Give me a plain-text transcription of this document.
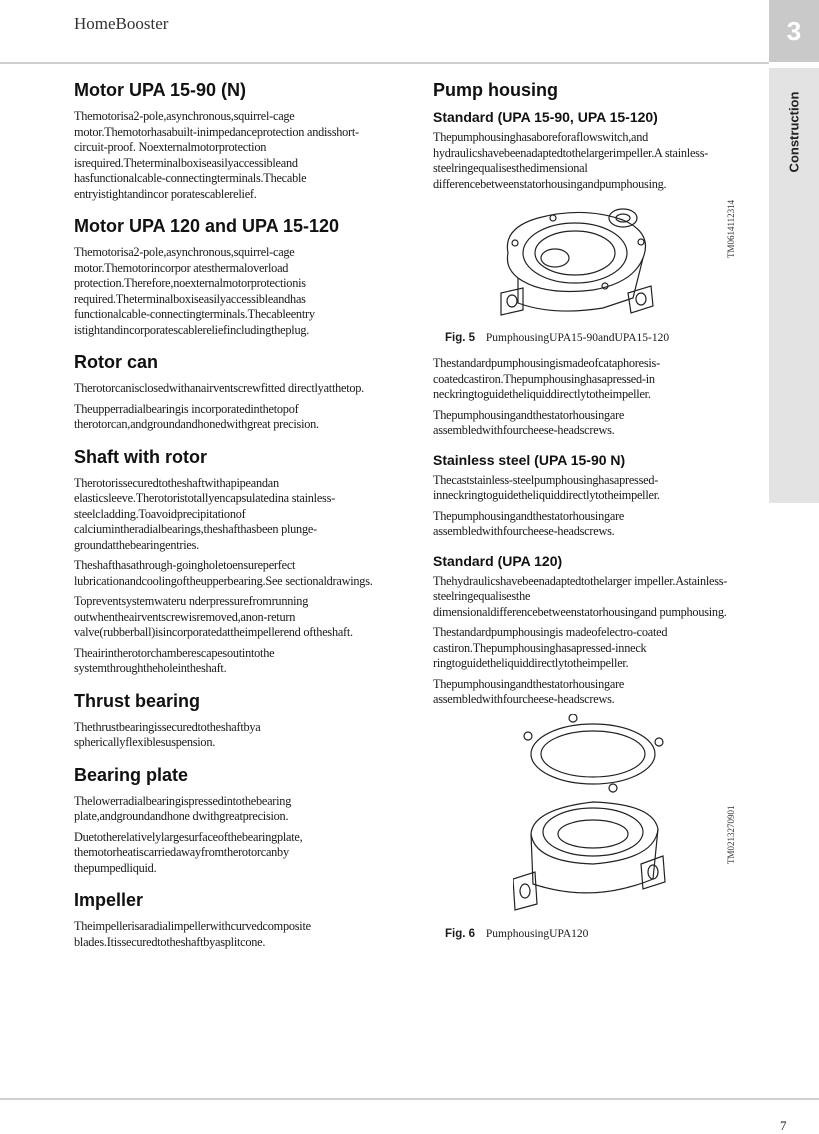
HomeBooster	3
Construction
Motor UPA 15-90 (N)

Themotorisa2-pole,asynchronous,squirrel-cage motor.Themotorhasabuilt-inimpedanceprotection andisshort-circuit-proof. Noexternalmotorprotection isrequired.Theterminalboxiseasilyaccessibleand hasfunctionalcable-connectingterminals.Thecable entryistightandincor poratescablerelief.

Motor UPA 120 and UPA 15-120

Themotorisa2-pole,asynchronous,squirrel-cage motor.Themotorincorpor atesthermaloverload protection.Therefore,noexternalmotorprotectionis required.Theterminalboxiseasilyaccessibleandhas functionalcable-connectingterminals.Thecableentry istightandincorporatescablereliefincludingtheplug.

Rotor can

Therotorcanisclosedwithanairventscrewfitted directlyatthetop.

Theupperradialbearingis incorporatedinthetopof therotorcan,andgroundandhonedwithgreat precision.

Shaft with rotor

Therotorissecuredtotheshaftwithapipeandan elasticsleeve.Therotoristotallyencapsulatedina stainless-steelcladding.Toavoidprecipitationof calciumintheradialbearings,theshafthasbeen plunge-groundatthebearingentries.

Theshafthasathrough-goingholetoensureperfect lubricationandcoolingoftheupperbearing.See sectionaldrawings.

Topreventsystemwateru nderpressurefromrunning outwhentheairventscrewisremoved,anon-return valve(rubberball)isincorporatedattheimpellerend oftheshaft.

Theairintherotorchamberescapesoutintothe systemthroughtheholeintheshaft.

Thrust bearing

Thethrustbearingissecuredtotheshaftbya sphericallyflexiblesuspension.

Bearing plate

Thelowerradialbearingispressedintothebearing plate,andgroundandhone dwithgreatprecision.

Duetotherelativelylargesurfaceofthebearingplate, themotorheatiscarriedawayfromtherotorcanby thepumpedliquid.

Impeller

Theimpellerisaradialimpellerwithcurvedcomposite blades.Itissecuredtotheshaftbyasplitcone.

Pump housing
Standard (UPA 15-90, UPA 15-120)

Thepumphousinghasaboreforaflowswitch,and hydraulicshavebeenadaptedtothelargerimpeller.A stainless-steelringequalisesthedimensional differencebetweenstatorhousingandpumphousing.

TM0614112314
Fig. 5 PumphousingUPA15-90andUPA15-120

Thestandardpumphousingismadeofcataphoresis-coatedcastiron.Thepumphousinghasapressed-in neckringtoguidetheliquiddirectlytotheimpeller.

Thepumphousingandthestatorhousingare assembledwithfourcheese-headscrews.

Stainless steel (UPA 15-90 N)

Thecaststainless-steelpumphousinghasapressed-inneckringtoguidetheliquiddirectlytotheimpeller.

Thepumphousingandthestatorhousingare assembledwithfourcheese-headscrews.

Standard (UPA 120)

Thehydraulicshavebeenadaptedtothelarger impeller.Astainless-steelringequalisesthe dimensionaldifferencebetweenstatorhousingand pumphousing.

Thestandardpumphousingis madeofelectro-coated castiron.Thepumphousinghasapressed-inneck ringtoguidetheliquiddirectlytotheimpeller.

Thepumphousingandthestatorhousingare assembledwithfourcheese-headscrews.

TM0213270901
Fig. 6 PumphousingUPA120
7
